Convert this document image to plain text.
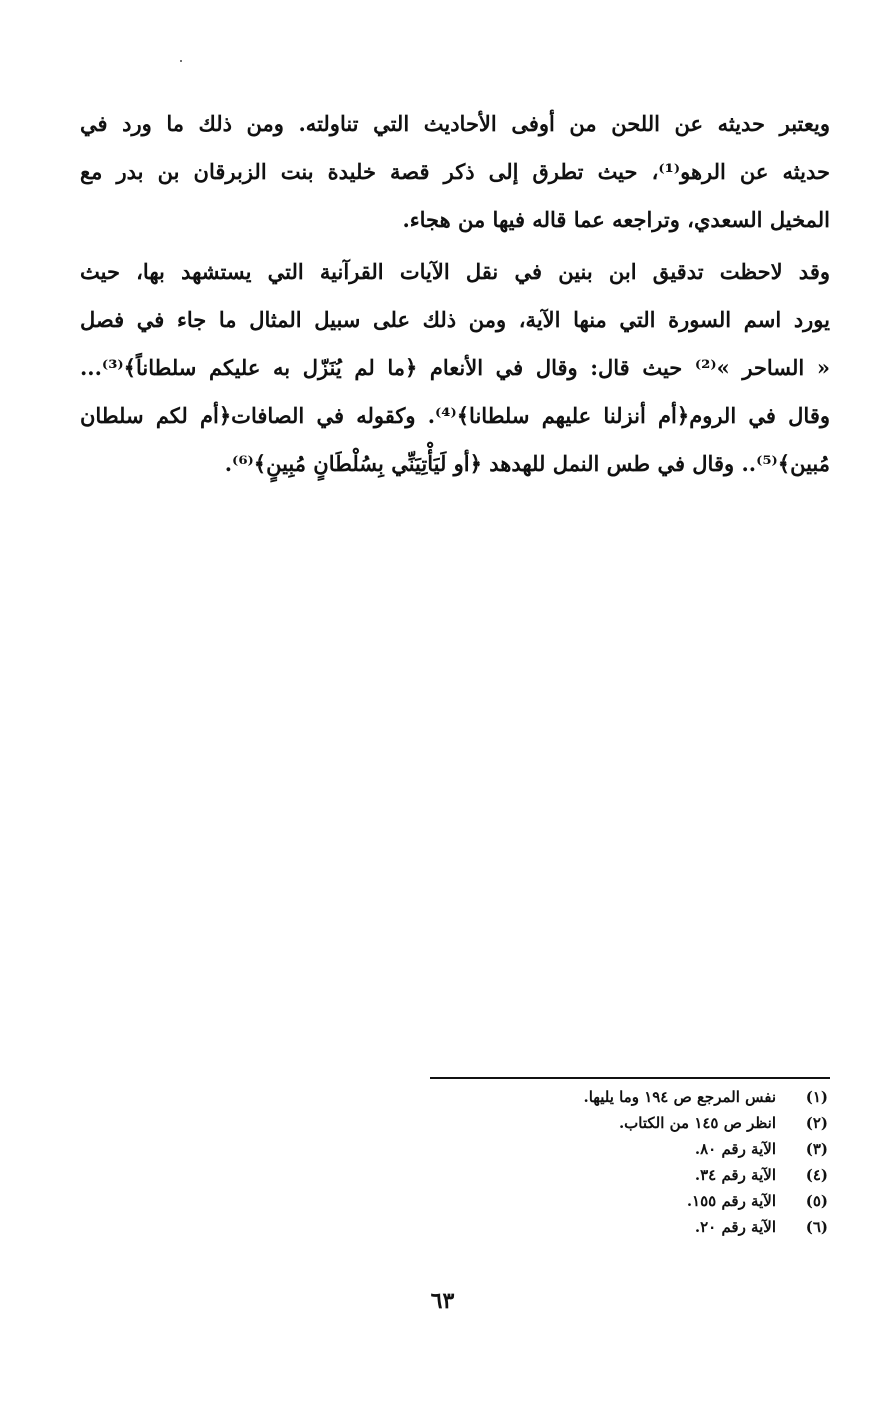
ويعتبر حديثه عن اللحن من أوفى الأحاديث التي تناولته. ومن ذلك ما ورد في
حديثه عن الرهو⁽¹⁾، حيث تطرق إلى ذكر قصة خليدة بنت الزبرقان بن بدر مع
المخيل السعدي، وتراجعه عما قاله فيها من هجاء.
وقد لاحظت تدقيق ابن بنين في نقل الآيات القرآنية التي يستشهد بها، حيث
يورد اسم السورة التي منها الآية، ومن ذلك على سبيل المثال ما جاء في فصل
« الساحر »⁽²⁾ حيث قال: وقال في الأنعام ﴿ما لم يُنَزّل به عليكم سلطاناً﴾⁽³⁾...
وقال في الروم﴿أم أنزلنا عليهم سلطانا﴾⁽⁴⁾. وكقوله في الصافات﴿أم لكم سلطان
مُبين﴾⁽⁵⁾.. وقال في طس النمل للهدهد ﴿أو لَيَأْتِيَنِّي بِسُلْطَانٍ مُبِينٍ﴾⁽⁶⁾.
(١)
نفس المرجع ص ١٩٤ وما يليها.
(٢)
انظر ص ١٤٥ من الكتاب.
(٣)
الآية رقم ٨٠.
(٤)
الآية رقم ٣٤.
(٥)
الآية رقم ١٥٥.
(٦)
الآية رقم ٢٠.
٦٣
